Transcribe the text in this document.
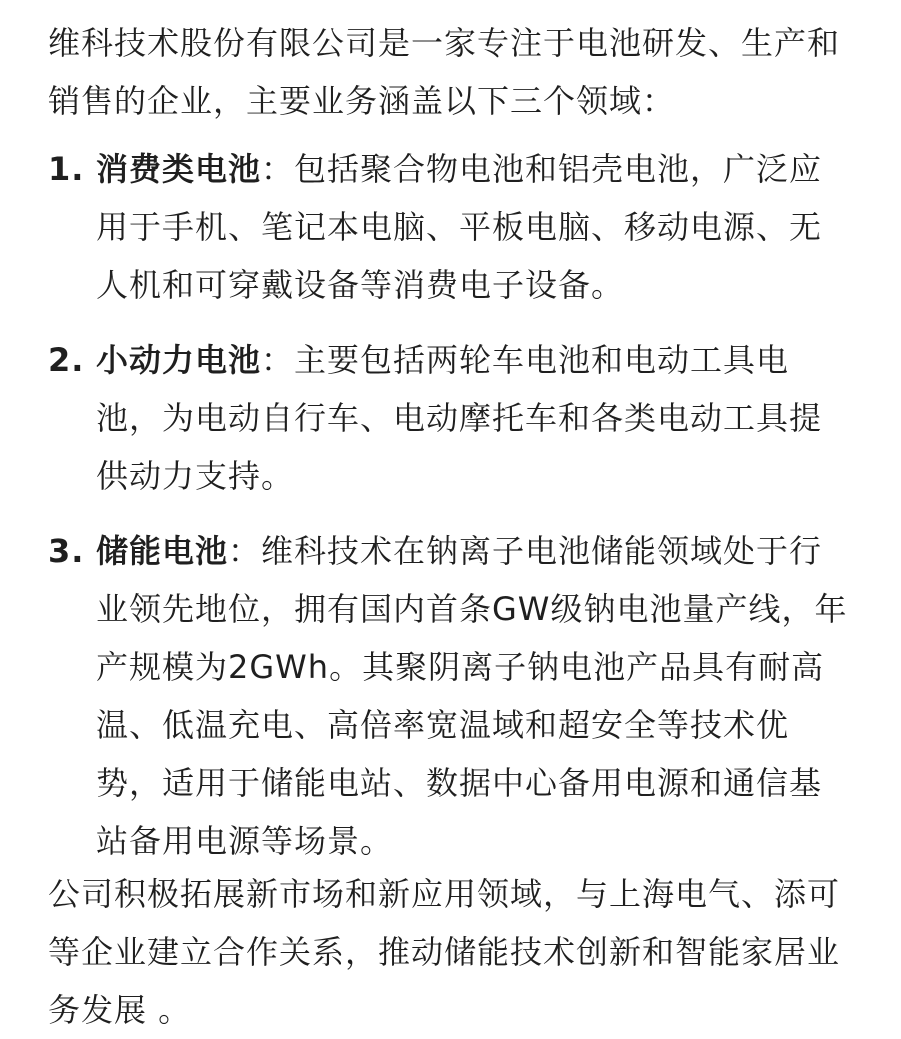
维科技术股份有限公司是一家专注于电池研发、生产和销售的企业，主要业务涵盖以下三个领域：

1. 消费类电池：包括聚合物电池和铝壳电池，广泛应用于手机、笔记本电脑、平板电脑、移动电源、无人机和可穿戴设备等消费电子设备。
2. 小动力电池：主要包括两轮车电池和电动工具电池，为电动自行车、电动摩托车和各类电动工具提供动力支持。
3. 储能电池：维科技术在钠离子电池储能领域处于行业领先地位，拥有国内首条GW级钠电池量产线，年产规模为2GWh。其聚阴离子钠电池产品具有耐高温、低温充电、高倍率宽温域和超安全等技术优势，适用于储能电站、数据中心备用电源和通信基站备用电源等场景。

公司积极拓展新市场和新应用领域，与上海电气、添可等企业建立合作关系，推动储能技术创新和智能家居业务发展 。
